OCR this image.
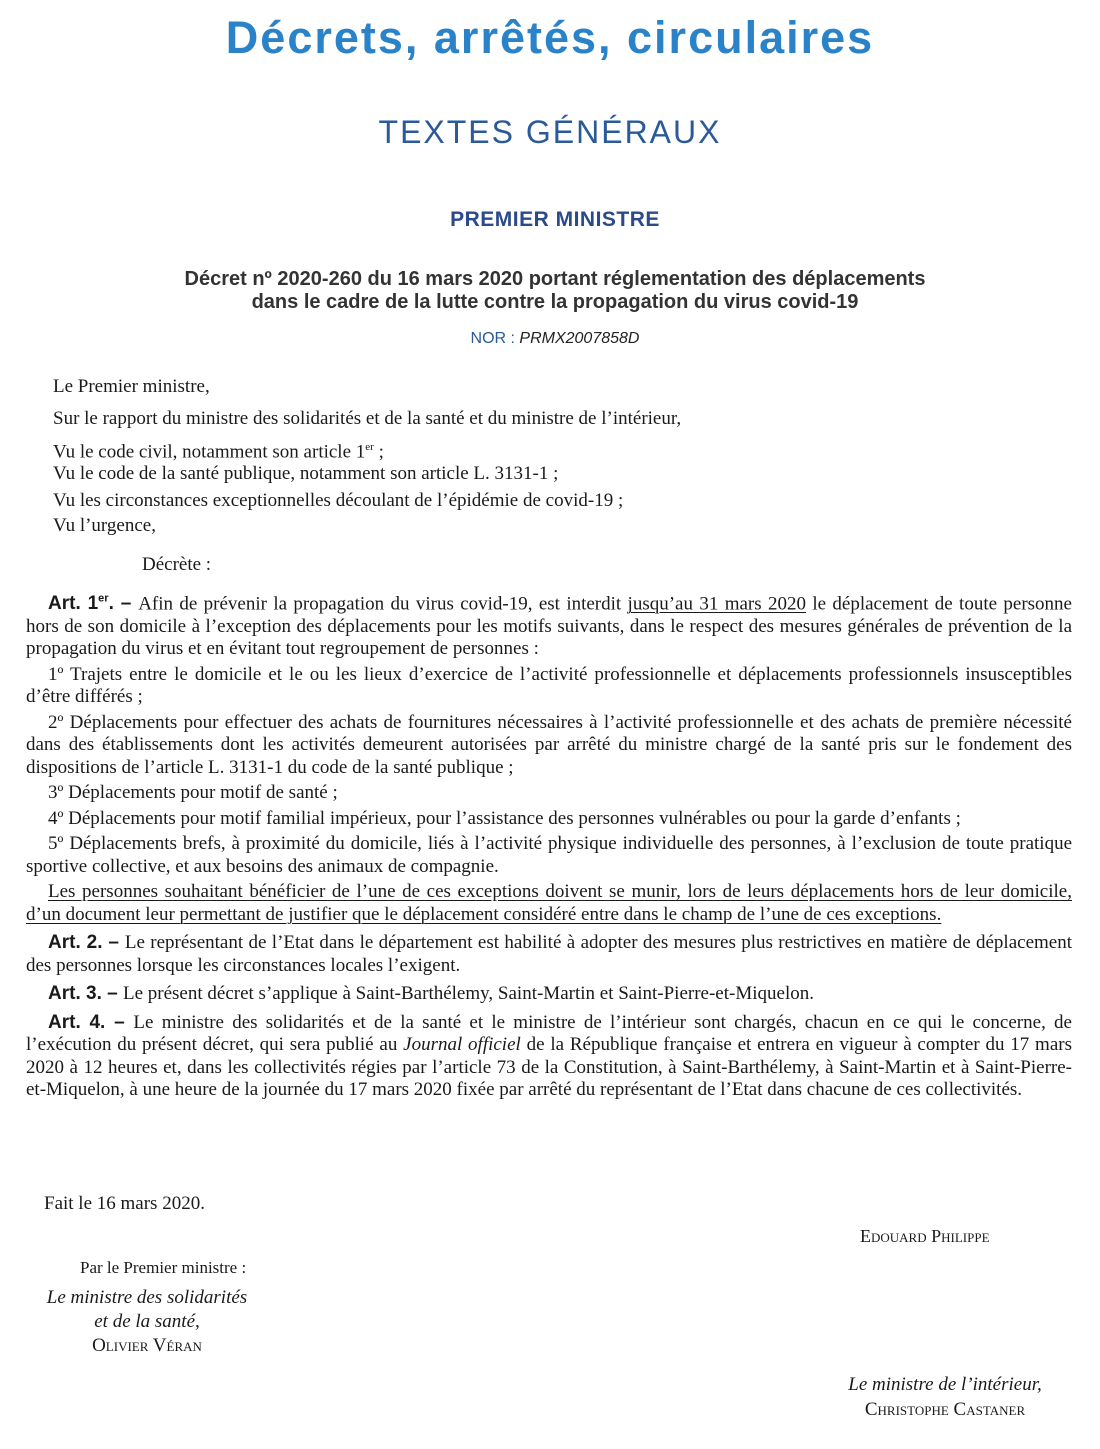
Décrets, arrêtés, circulaires
TEXTES GÉNÉRAUX
PREMIER MINISTRE
Décret nº 2020-260 du 16 mars 2020 portant réglementation des déplacements
dans le cadre de la lutte contre la propagation du virus covid-19
NOR : PRMX2007858D
Le Premier ministre,
Sur le rapport du ministre des solidarités et de la santé et du ministre de l’intérieur,
Vu le code civil, notamment son article 1er ;
Vu le code de la santé publique, notamment son article L. 3131-1 ;
Vu les circonstances exceptionnelles découlant de l’épidémie de covid-19 ;
Vu l’urgence,
Décrète :

Art. 1er. – Afin de prévenir la propagation du virus covid-19, est interdit jusqu’au 31 mars 2020 le déplacement de toute personne hors de son domicile à l’exception des déplacements pour les motifs suivants, dans le respect des mesures générales de prévention de la propagation du virus et en évitant tout regroupement de personnes :

1º Trajets entre le domicile et le ou les lieux d’exercice de l’activité professionnelle et déplacements professionnels insusceptibles d’être différés ;

2º Déplacements pour effectuer des achats de fournitures nécessaires à l’activité professionnelle et des achats de première nécessité dans des établissements dont les activités demeurent autorisées par arrêté du ministre chargé de la santé pris sur le fondement des dispositions de l’article L. 3131-1 du code de la santé publique ;

3º Déplacements pour motif de santé ;

4º Déplacements pour motif familial impérieux, pour l’assistance des personnes vulnérables ou pour la garde d’enfants ;

5º Déplacements brefs, à proximité du domicile, liés à l’activité physique individuelle des personnes, à l’exclusion de toute pratique sportive collective, et aux besoins des animaux de compagnie.

Les personnes souhaitant bénéficier de l’une de ces exceptions doivent se munir, lors de leurs déplacements hors de leur domicile, d’un document leur permettant de justifier que le déplacement considéré entre dans le champ de l’une de ces exceptions.

Art. 2. – Le représentant de l’Etat dans le département est habilité à adopter des mesures plus restrictives en matière de déplacement des personnes lorsque les circonstances locales l’exigent.

Art. 3. – Le présent décret s’applique à Saint-Barthélemy, Saint-Martin et Saint-Pierre-et-Miquelon.

Art. 4. – Le ministre des solidarités et de la santé et le ministre de l’intérieur sont chargés, chacun en ce qui le concerne, de l’exécution du présent décret, qui sera publié au Journal officiel de la République française et entrera en vigueur à compter du 17 mars 2020 à 12 heures et, dans les collectivités régies par l’article 73 de la Constitution, à Saint-Barthélemy, à Saint-Martin et à Saint-Pierre-et-Miquelon, à une heure de la journée du 17 mars 2020 fixée par arrêté du représentant de l’Etat dans chacune de ces collectivités.

Fait le 16 mars 2020.
Edouard Philippe
Par le Premier ministre :
Le ministre des solidarités
et de la santé,
Olivier Véran
Le ministre de l’intérieur,
Christophe Castaner
